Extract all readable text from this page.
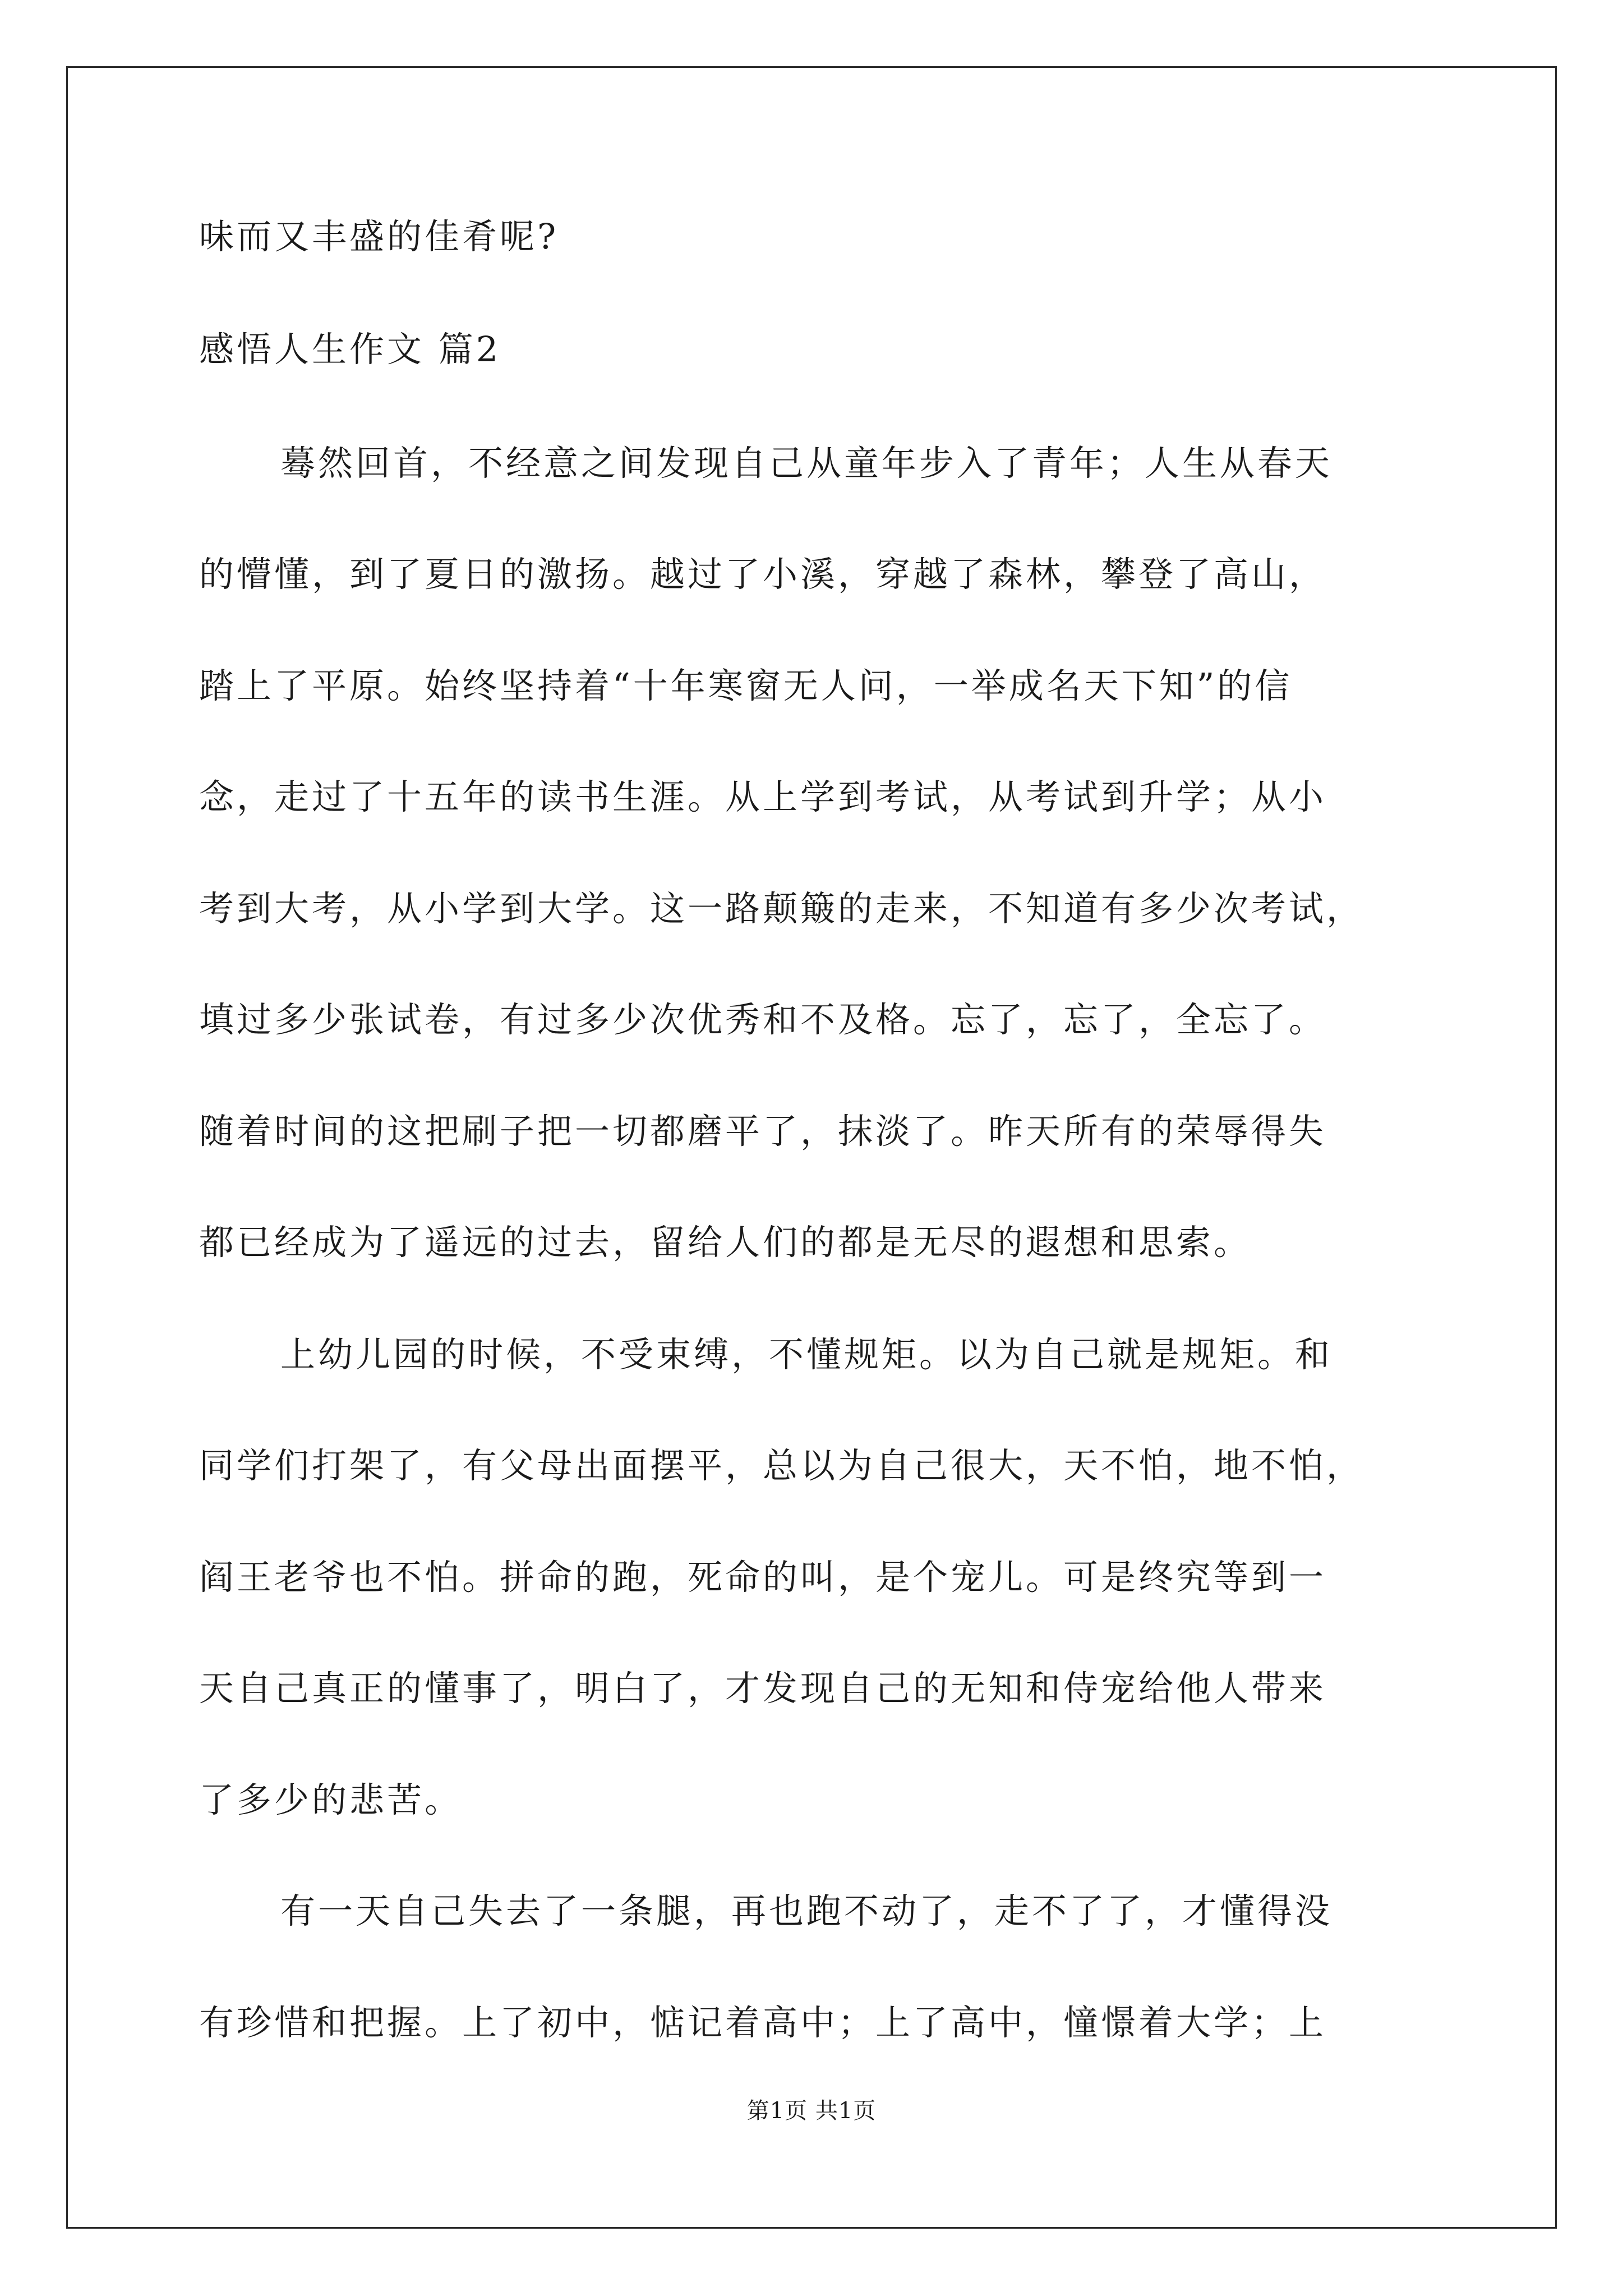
味而又丰盛的佳肴呢?
感悟人生作文 篇2
蓦然回首，不经意之间发现自己从童年步入了青年；人生从春天
的懵懂，到了夏日的激扬。越过了小溪，穿越了森林，攀登了高山，
踏上了平原。始终坚持着“十年寒窗无人问，一举成名天下知”的信
念，走过了十五年的读书生涯。从上学到考试，从考试到升学；从小
考到大考，从小学到大学。这一路颠簸的走来，不知道有多少次考试，
填过多少张试卷，有过多少次优秀和不及格。忘了，忘了，全忘了。
随着时间的这把刷子把一切都磨平了，抹淡了。昨天所有的荣辱得失
都已经成为了遥远的过去，留给人们的都是无尽的遐想和思索。
上幼儿园的时候，不受束缚，不懂规矩。以为自己就是规矩。和
同学们打架了，有父母出面摆平，总以为自己很大，天不怕，地不怕，
阎王老爷也不怕。拼命的跑，死命的叫，是个宠儿。可是终究等到一
天自己真正的懂事了，明白了，才发现自己的无知和侍宠给他人带来
了多少的悲苦。
有一天自己失去了一条腿，再也跑不动了，走不了了，才懂得没
有珍惜和把握。上了初中，惦记着高中；上了高中，憧憬着大学；上
第1页 共1页
